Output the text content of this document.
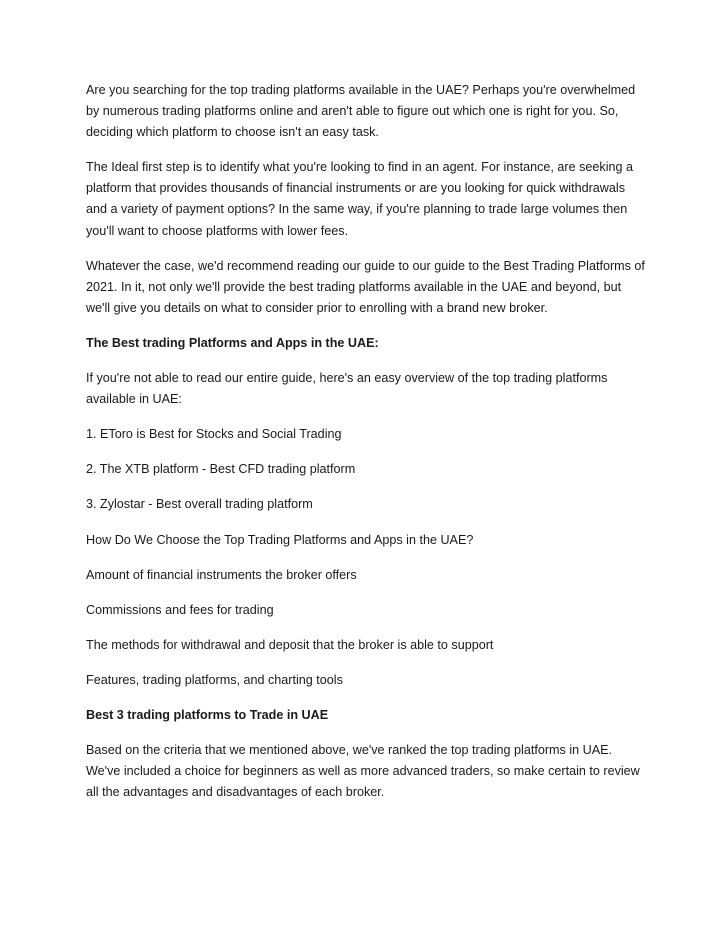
Are you searching for the top trading platforms available in the UAE? Perhaps you're overwhelmed by numerous trading platforms online and aren't able to figure out which one is right for you. So, deciding which platform to choose isn't an easy task.

The Ideal first step is to identify what you're looking to find in an agent. For instance, are seeking a platform that provides thousands of financial instruments or are you looking for quick withdrawals and a variety of payment options? In the same way, if you're planning to trade large volumes then you'll want to choose platforms with lower fees.

Whatever the case, we'd recommend reading our guide to our guide to the Best Trading Platforms of 2021. In it, not only we'll provide the best trading platforms available in the UAE and beyond, but we'll give you details on what to consider prior to enrolling with a brand new broker.

The Best trading Platforms and Apps in the UAE:

If you're not able to read our entire guide, here's an easy overview of the top trading platforms available in UAE:

1. EToro is Best for Stocks and Social Trading

2. The XTB platform - Best CFD trading platform

3. Zylostar - Best overall trading platform

How Do We Choose the Top Trading Platforms and Apps in the UAE?

Amount of financial instruments the broker offers

Commissions and fees for trading

The methods for withdrawal and deposit that the broker is able to support

Features, trading platforms, and charting tools

Best 3 trading platforms to Trade in UAE

Based on the criteria that we mentioned above, we've ranked the top trading platforms in UAE. We've included a choice for beginners as well as more advanced traders, so make certain to review all the advantages and disadvantages of each broker.
